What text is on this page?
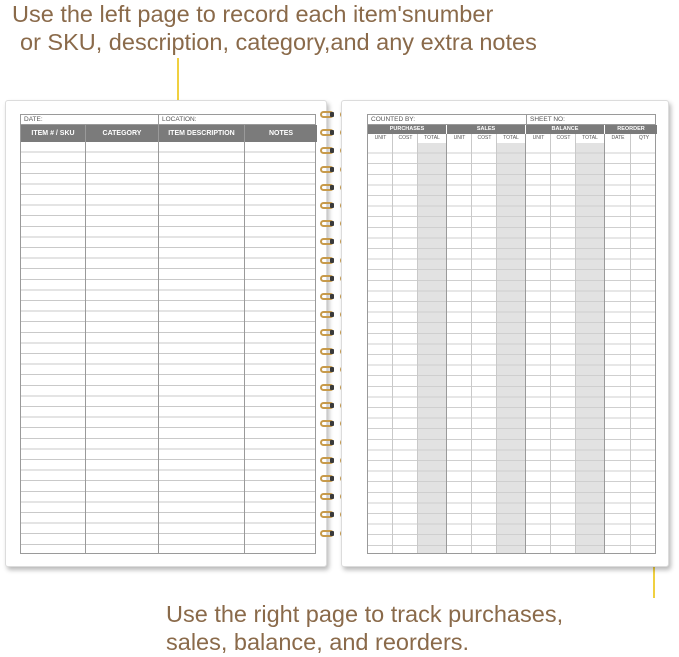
Use the left page to record each item'snumber
or SKU, description, category,and any extra notes
Use the right page to track purchases,
sales, balance, and reorders.
DATE:	LOCATION:
ITEM # / SKU	CATEGORY	ITEM DESCRIPTION	NOTES
COUNTED BY:	SHEET NO:
PURCHASES	SALES	BALANCE	REORDER
UNIT	COST	TOTAL	UNIT	COST	TOTAL	UNIT	COST	TOTAL	DATE	QTY
